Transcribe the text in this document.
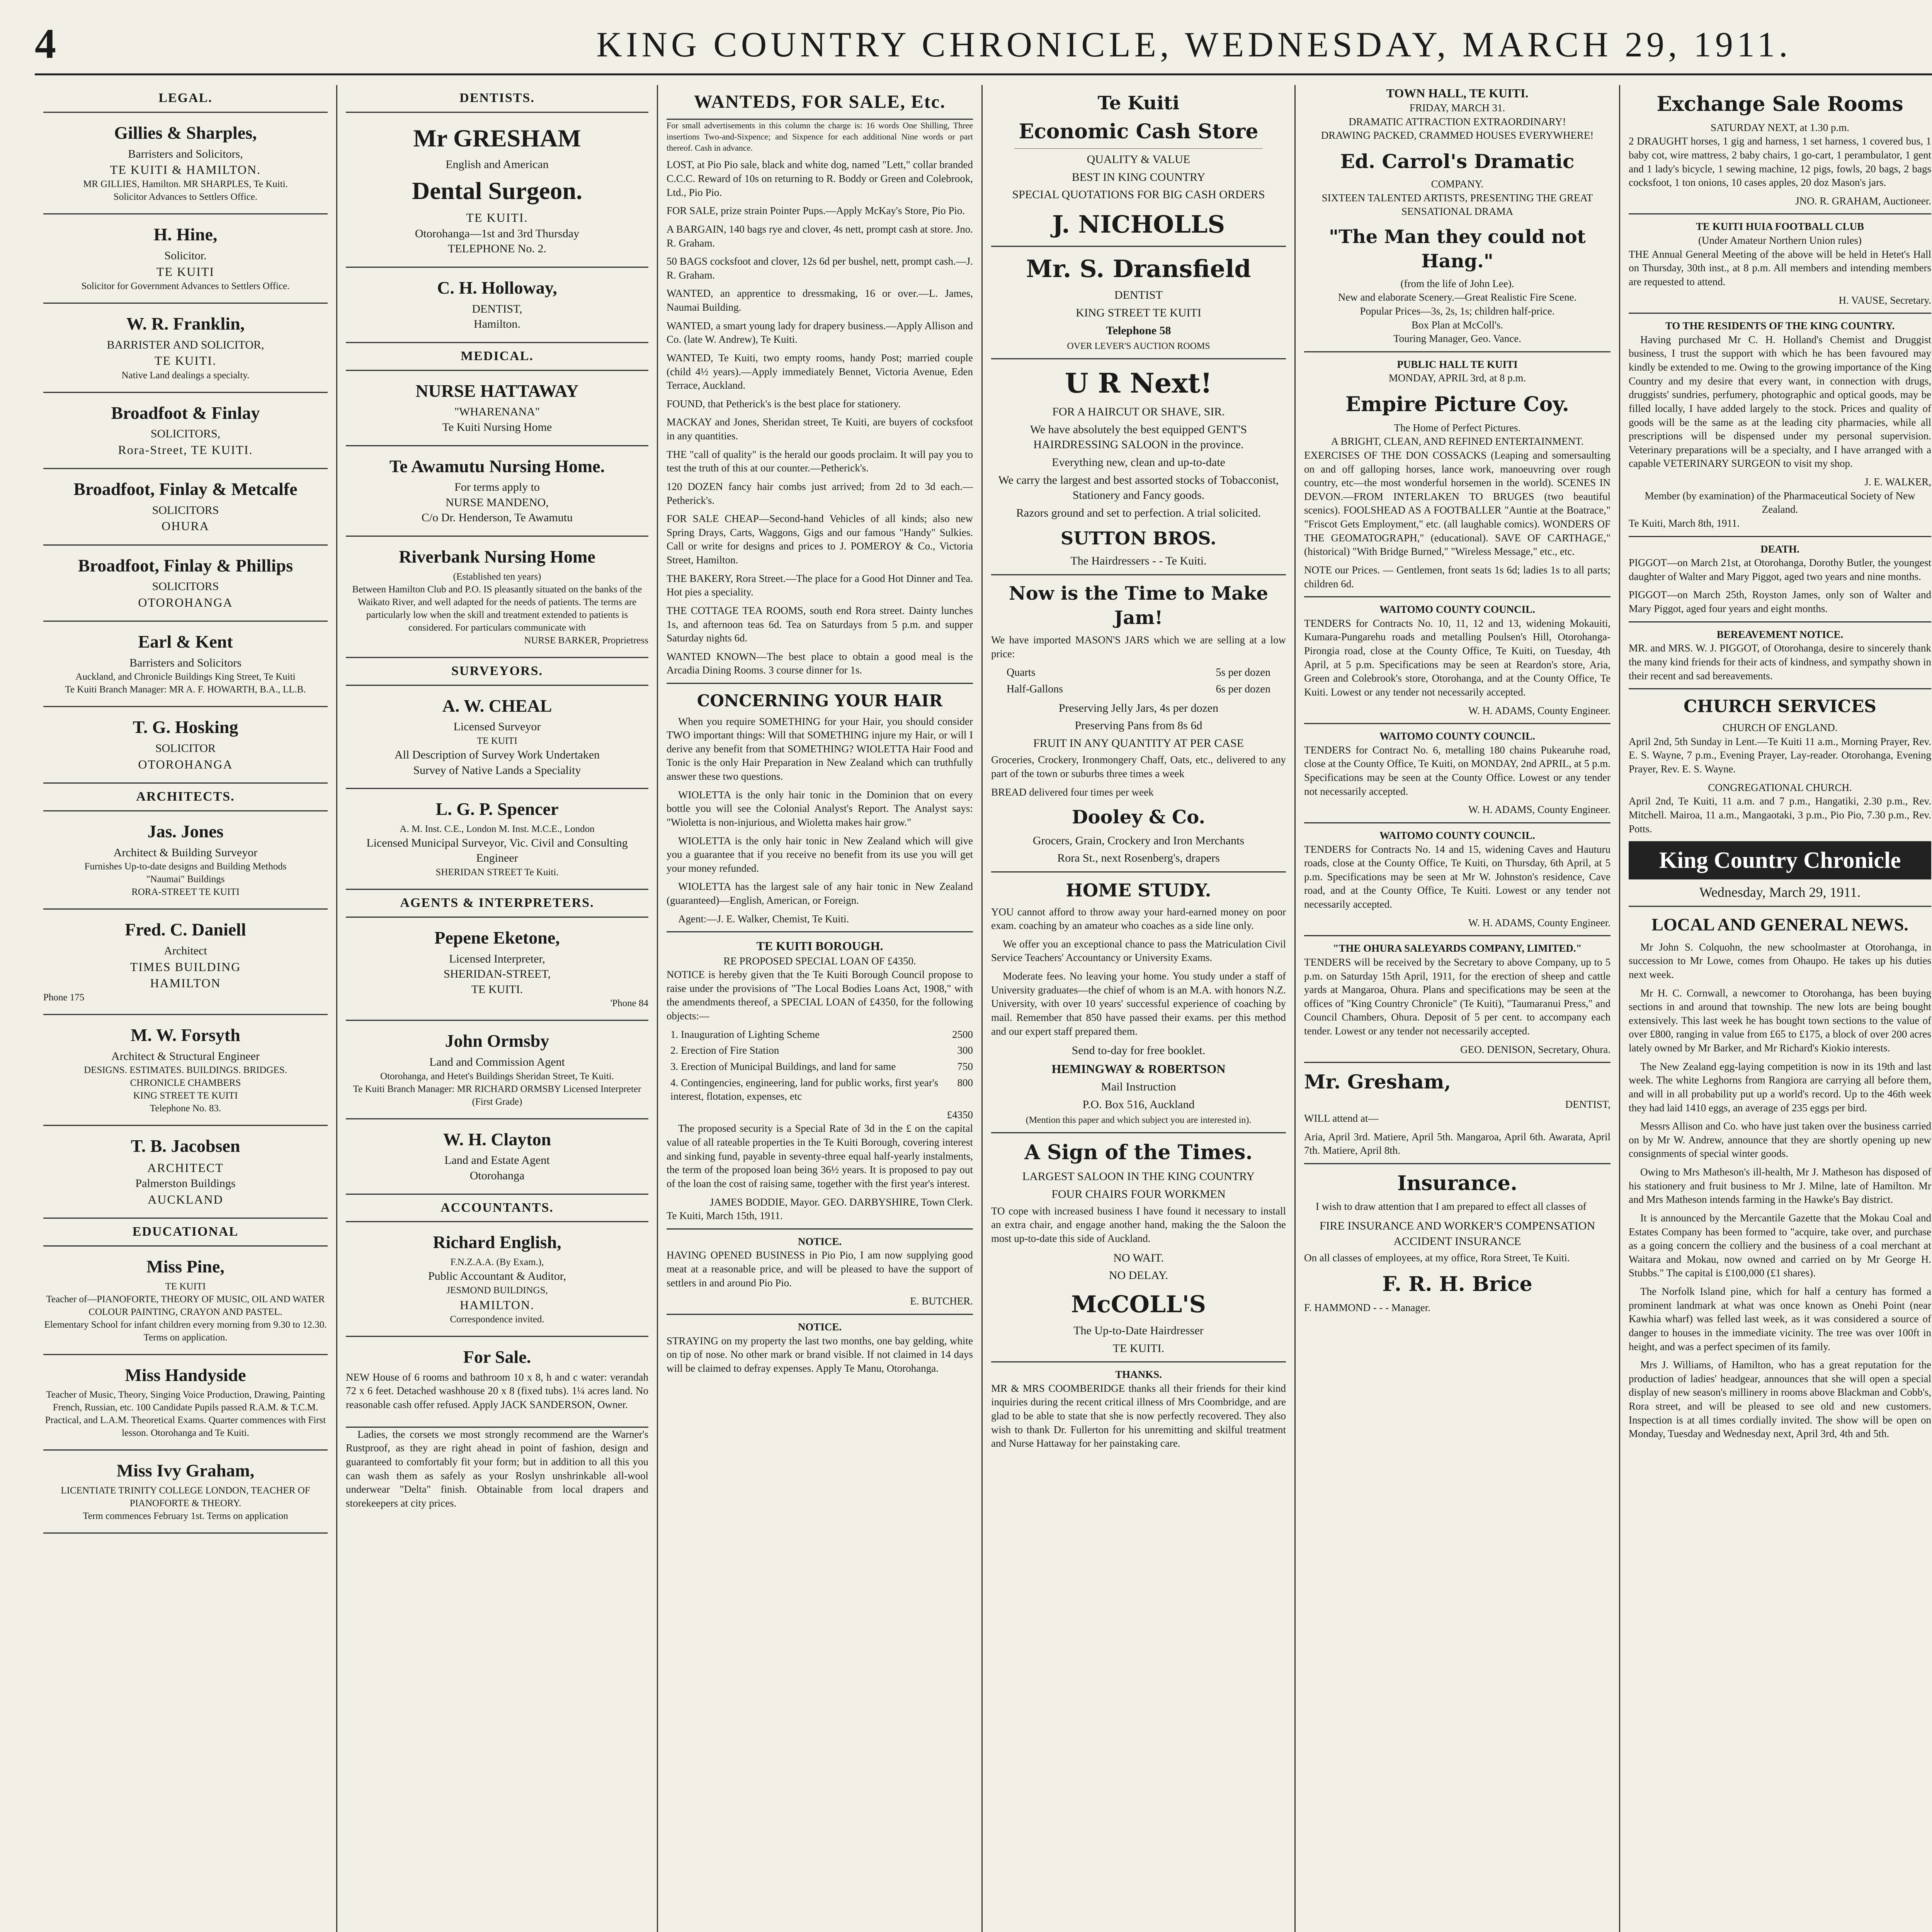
4	KING COUNTRY CHRONICLE, WEDNESDAY, MARCH 29, 1911.
LEGAL.
Gillies & Sharples,
Barristers and Solicitors,
TE KUITI & HAMILTON.
MR GILLIES, Hamilton. MR SHARPLES, Te Kuiti.
Solicitor Advances to Settlers Office.
H. Hine,
Solicitor.
TE KUITI
Solicitor for Government Advances to Settlers Office.
W. R. Franklin,
BARRISTER AND SOLICITOR,
TE KUITI.
Native Land dealings a specialty.
Broadfoot & Finlay
SOLICITORS,
Rora-Street, TE KUITI.
Broadfoot, Finlay & Metcalfe
SOLICITORS
OHURA
Broadfoot, Finlay & Phillips
SOLICITORS
OTOROHANGA
Earl & Kent
Barristers and Solicitors
Auckland, and Chronicle Buildings King Street, Te Kuiti
Te Kuiti Branch Manager: MR A. F. HOWARTH, B.A., LL.B.
T. G. Hosking
SOLICITOR
OTOROHANGA
ARCHITECTS.
Jas. Jones
Architect & Building Surveyor
Furnishes Up-to-date designs and Building Methods
"Naumai" Buildings
RORA-STREET TE KUITI
Fred. C. Daniell
Architect
TIMES BUILDING
HAMILTON
Phone 175
M. W. Forsyth
Architect & Structural Engineer
DESIGNS. ESTIMATES. BUILDINGS. BRIDGES.
CHRONICLE CHAMBERS
KING STREET TE KUITI
Telephone No. 83.
T. B. Jacobsen
ARCHITECT
Palmerston Buildings
AUCKLAND
EDUCATIONAL
Miss Pine,
TE KUITI
Teacher of—PIANOFORTE, THEORY OF MUSIC, OIL AND WATER COLOUR PAINTING, CRAYON AND PASTEL.
Elementary School for infant children every morning from 9.30 to 12.30.
Terms on application.
Miss Handyside
Teacher of Music, Theory, Singing Voice Production, Drawing, Painting French, Russian, etc. 100 Candidate Pupils passed R.A.M. & T.C.M. Practical, and L.A.M. Theoretical Exams. Quarter commences with First lesson. Otorohanga and Te Kuiti.
Miss Ivy Graham,
LICENTIATE TRINITY COLLEGE LONDON, TEACHER OF PIANOFORTE & THEORY.
Term commences February 1st. Terms on application
DENTISTS.
Mr GRESHAM
English and American
Dental Surgeon.
TE KUITI.
Otorohanga—1st and 3rd Thursday
TELEPHONE No. 2.
C. H. Holloway,
DENTIST,
Hamilton.
MEDICAL.
NURSE HATTAWAY
"WHARENANA"
Te Kuiti Nursing Home
Te Awamutu Nursing Home.
For terms apply to
NURSE MANDENO,
C/o Dr. Henderson, Te Awamutu
Riverbank Nursing Home
(Established ten years)
Between Hamilton Club and P.O. IS pleasantly situated on the banks of the Waikato River, and well adapted for the needs of patients. The terms are particularly low when the skill and treatment extended to patients is considered. For particulars communicate with
NURSE BARKER, Proprietress
SURVEYORS.
A. W. CHEAL
Licensed Surveyor
TE KUITI
All Description of Survey Work Undertaken
Survey of Native Lands a Speciality
L. G. P. Spencer
A. M. Inst. C.E., London M. Inst. M.C.E., London
Licensed Municipal Surveyor, Vic. Civil and Consulting Engineer
SHERIDAN STREET Te Kuiti.
AGENTS & INTERPRETERS.
Pepene Eketone,
Licensed Interpreter,
SHERIDAN-STREET,
TE KUITI.
'Phone 84
John Ormsby
Land and Commission Agent
Otorohanga, and Hetet's Buildings Sheridan Street, Te Kuiti.
Te Kuiti Branch Manager: MR RICHARD ORMSBY Licensed Interpreter (First Grade)
W. H. Clayton
Land and Estate Agent
Otorohanga
ACCOUNTANTS.
Richard English,
F.N.Z.A.A. (By Exam.),
Public Accountant & Auditor,
JESMOND BUILDINGS,
HAMILTON.
Correspondence invited.
For Sale.
NEW House of 6 rooms and bathroom 10 x 8, h and c water: verandah 72 x 6 feet. Detached washhouse 20 x 8 (fixed tubs). 1¼ acres land. No reasonable cash offer refused. Apply JACK SANDERSON, Owner.
Ladies, the corsets we most strongly recommend are the Warner's Rustproof, as they are right ahead in point of fashion, design and guaranteed to comfortably fit your form; but in addition to all this you can wash them as safely as your Roslyn unshrinkable all-wool underwear "Delta" finish. Obtainable from local drapers and storekeepers at city prices.
WANTEDS, FOR SALE, Etc.
For small advertisements in this column the charge is: 16 words One Shilling, Three insertions Two-and-Sixpence; and Sixpence for each additional Nine words or part thereof. Cash in advance.
LOST, at Pio Pio sale, black and white dog, named "Lett," collar branded C.C.C. Reward of 10s on returning to R. Boddy or Green and Colebrook, Ltd., Pio Pio.
FOR SALE, prize strain Pointer Pups.—Apply McKay's Store, Pio Pio.
A BARGAIN, 140 bags rye and clover, 4s nett, prompt cash at store. Jno. R. Graham.
50 BAGS cocksfoot and clover, 12s 6d per bushel, nett, prompt cash.—J. R. Graham.
WANTED, an apprentice to dressmaking, 16 or over.—L. James, Naumai Building.
WANTED, a smart young lady for drapery business.—Apply Allison and Co. (late W. Andrew), Te Kuiti.
WANTED, Te Kuiti, two empty rooms, handy Post; married couple (child 4½ years).—Apply immediately Bennet, Victoria Avenue, Eden Terrace, Auckland.
FOUND, that Petherick's is the best place for stationery.
MACKAY and Jones, Sheridan street, Te Kuiti, are buyers of cocksfoot in any quantities.
THE "call of quality" is the herald our goods proclaim. It will pay you to test the truth of this at our counter.—Petherick's.
120 DOZEN fancy hair combs just arrived; from 2d to 3d each.—Petherick's.
FOR SALE CHEAP—Second-hand Vehicles of all kinds; also new Spring Drays, Carts, Waggons, Gigs and our famous "Handy" Sulkies. Call or write for designs and prices to J. POMEROY & Co., Victoria Street, Hamilton.
THE BAKERY, Rora Street.—The place for a Good Hot Dinner and Tea. Hot pies a speciality.
THE COTTAGE TEA ROOMS, south end Rora street. Dainty lunches 1s, and afternoon teas 6d. Tea on Saturdays from 5 p.m. and supper Saturday nights 6d.
WANTED KNOWN—The best place to obtain a good meal is the Arcadia Dining Rooms. 3 course dinner for 1s.
CONCERNING YOUR HAIR
When you require SOMETHING for your Hair, you should consider TWO important things: Will that SOMETHING injure my Hair, or will I derive any benefit from that SOMETHING? WIOLETTA Hair Food and Tonic is the only Hair Preparation in New Zealand which can truthfully answer these two questions.
WIOLETTA is the only hair tonic in the Dominion that on every bottle you will see the Colonial Analyst's Report. The Analyst says: "Wioletta is non-injurious, and Wioletta makes hair grow."
WIOLETTA is the only hair tonic in New Zealand which will give you a guarantee that if you receive no benefit from its use you will get your money refunded.
WIOLETTA has the largest sale of any hair tonic in New Zealand (guaranteed)—English, American, or Foreign.
Agent:—J. E. Walker, Chemist, Te Kuiti.
TE KUITI BOROUGH.
RE PROPOSED SPECIAL LOAN OF £4350.
NOTICE is hereby given that the Te Kuiti Borough Council propose to raise under the provisions of "The Local Bodies Loans Act, 1908," with the amendments thereof, a SPECIAL LOAN of £4350, for the following objects:—
1. Inauguration of Lighting Scheme	2500
2. Erection of Fire Station	300
3. Erection of Municipal Buildings, and land for same	750
4. Contingencies, engineering, land for public works, first year's interest, flotation, expenses, etc
800
£4350
The proposed security is a Special Rate of 3d in the £ on the capital value of all rateable properties in the Te Kuiti Borough, covering interest and sinking fund, payable in seventy-three equal half-yearly instalments, the term of the proposed loan being 36½ years. It is proposed to pay out of the loan the cost of raising same, together with the first year's interest.
JAMES BODDIE, Mayor. GEO. DARBYSHIRE, Town Clerk.
Te Kuiti, March 15th, 1911.
NOTICE.
HAVING OPENED BUSINESS in Pio Pio, I am now supplying good meat at a reasonable price, and will be pleased to have the support of settlers in and around Pio Pio.
E. BUTCHER.
NOTICE.
STRAYING on my property the last two months, one bay gelding, white on tip of nose. No other mark or brand visible. If not claimed in 14 days will be claimed to defray expenses. Apply Te Manu, Otorohanga.
Te Kuiti
Economic Cash Store
QUALITY & VALUE
BEST IN KING COUNTRY
SPECIAL QUOTATIONS FOR BIG CASH ORDERS
J. NICHOLLS
Mr. S. Dransfield
DENTIST
KING STREET TE KUITI
Telephone 58
OVER LEVER'S AUCTION ROOMS
U R Next!
FOR A HAIRCUT OR SHAVE, SIR.
We have absolutely the best equipped GENT'S HAIRDRESSING SALOON in the province.
Everything new, clean and up-to-date
We carry the largest and best assorted stocks of Tobacconist, Stationery and Fancy goods.
Razors ground and set to perfection. A trial solicited.
SUTTON BROS.
The Hairdressers - - Te Kuiti.
Now is the Time to Make Jam!
We have imported MASON'S JARS which we are selling at a low price:
Quarts	5s per dozen
Half-Gallons	6s per dozen
Preserving Jelly Jars, 4s per dozen
Preserving Pans from 8s 6d
FRUIT IN ANY QUANTITY AT PER CASE
Groceries, Crockery, Ironmongery Chaff, Oats, etc., delivered to any part of the town or suburbs three times a week
BREAD delivered four times per week
Dooley & Co.
Grocers, Grain, Crockery and Iron Merchants
Rora St., next Rosenberg's, drapers
HOME STUDY.
YOU cannot afford to throw away your hard-earned money on poor exam. coaching by an amateur who coaches as a side line only.
We offer you an exceptional chance to pass the Matriculation Civil Service Teachers' Accountancy or University Exams.
Moderate fees. No leaving your home. You study under a staff of University graduates—the chief of whom is an M.A. with honors N.Z. University, with over 10 years' successful experience of coaching by mail. Remember that 850 have passed their exams. per this method and our expert staff prepared them.
Send to-day for free booklet.
HEMINGWAY & ROBERTSON
Mail Instruction
P.O. Box 516, Auckland
(Mention this paper and which subject you are interested in).
A Sign of the Times.
LARGEST SALOON IN THE KING COUNTRY
FOUR CHAIRS FOUR WORKMEN
TO cope with increased business I have found it necessary to install an extra chair, and engage another hand, making the the Saloon the most up-to-date this side of Auckland.
NO WAIT.
NO DELAY.
McCOLL'S
The Up-to-Date Hairdresser
TE KUITI.
THANKS.
MR & MRS COOMBERIDGE thanks all their friends for their kind inquiries during the recent critical illness of Mrs Coombridge, and are glad to be able to state that she is now perfectly recovered. They also wish to thank Dr. Fullerton for his unremitting and skilful treatment and Nurse Hattaway for her painstaking care.
TOWN HALL, TE KUITI.
FRIDAY, MARCH 31.
DRAMATIC ATTRACTION EXTRAORDINARY!
DRAWING PACKED, CRAMMED HOUSES EVERYWHERE!
Ed. Carrol's Dramatic
COMPANY.
SIXTEEN TALENTED ARTISTS, PRESENTING THE GREAT SENSATIONAL DRAMA
"The Man they could not Hang."
(from the life of John Lee).
New and elaborate Scenery.—Great Realistic Fire Scene.
Popular Prices—3s, 2s, 1s; children half-price.
Box Plan at McColl's.
Touring Manager, Geo. Vance.
PUBLIC HALL TE KUITI
MONDAY, APRIL 3rd, at 8 p.m.
Empire Picture Coy.
The Home of Perfect Pictures.
A BRIGHT, CLEAN, AND REFINED ENTERTAINMENT.
EXERCISES OF THE DON COSSACKS (Leaping and somersaulting on and off galloping horses, lance work, manoeuvring over rough country, etc—the most wonderful horsemen in the world). SCENES IN DEVON.—FROM INTERLAKEN TO BRUGES (two beautiful scenics). FOOLSHEAD AS A FOOTBALLER "Auntie at the Boatrace," "Friscot Gets Employment," etc. (all laughable comics). WONDERS OF THE GEOMATOGRAPH," (educational). SAVE OF CARTHAGE," (historical) "With Bridge Burned," "Wireless Message," etc., etc.
NOTE our Prices. — Gentlemen, front seats 1s 6d; ladies 1s to all parts; children 6d.
WAITOMO COUNTY COUNCIL.
TENDERS for Contracts No. 10, 11, 12 and 13, widening Mokauiti, Kumara-Pungarehu roads and metalling Poulsen's Hill, Otorohanga-Pirongia road, close at the County Office, Te Kuiti, on Tuesday, 4th April, at 5 p.m. Specifications may be seen at Reardon's store, Aria, Green and Colebrook's store, Otorohanga, and at the County Office, Te Kuiti. Lowest or any tender not necessarily accepted.
W. H. ADAMS, County Engineer.
WAITOMO COUNTY COUNCIL.
TENDERS for Contract No. 6, metalling 180 chains Pukearuhe road, close at the County Office, Te Kuiti, on MONDAY, 2nd APRIL, at 5 p.m. Specifications may be seen at the County Office. Lowest or any tender not necessarily accepted.
W. H. ADAMS, County Engineer.
WAITOMO COUNTY COUNCIL.
TENDERS for Contracts No. 14 and 15, widening Caves and Hauturu roads, close at the County Office, Te Kuiti, on Thursday, 6th April, at 5 p.m. Specifications may be seen at Mr W. Johnston's residence, Cave road, and at the County Office, Te Kuiti. Lowest or any tender not necessarily accepted.
W. H. ADAMS, County Engineer.
"THE OHURA SALEYARDS COMPANY, LIMITED."
TENDERS will be received by the Secretary to above Company, up to 5 p.m. on Saturday 15th April, 1911, for the erection of sheep and cattle yards at Mangaroa, Ohura. Plans and specifications may be seen at the offices of "King Country Chronicle" (Te Kuiti), "Taumaranui Press," and Council Chambers, Ohura. Deposit of 5 per cent. to accompany each tender. Lowest or any tender not necessarily accepted.
GEO. DENISON, Secretary, Ohura.
Mr. Gresham,
DENTIST,
WILL attend at—
Aria, April 3rd. Matiere, April 5th. Mangaroa, April 6th. Awarata, April 7th. Matiere, April 8th.
Insurance.
I wish to draw attention that I am prepared to effect all classes of
FIRE INSURANCE AND WORKER'S COMPENSATION ACCIDENT INSURANCE
On all classes of employees, at my office, Rora Street, Te Kuiti.
F. R. H. Brice
F. HAMMOND - - - Manager.
Exchange Sale Rooms
SATURDAY NEXT, at 1.30 p.m.
2 DRAUGHT horses, 1 gig and harness, 1 set harness, 1 covered bus, 1 baby cot, wire mattress, 2 baby chairs, 1 go-cart, 1 perambulator, 1 gent and 1 lady's bicycle, 1 sewing machine, 12 pigs, fowls, 20 bags, 2 bags cocksfoot, 1 ton onions, 10 cases apples, 20 doz Mason's jars.
JNO. R. GRAHAM, Auctioneer.
TE KUITI HUIA FOOTBALL CLUB
(Under Amateur Northern Union rules)
THE Annual General Meeting of the above will be held in Hetet's Hall on Thursday, 30th inst., at 8 p.m. All members and intending members are requested to attend.
H. VAUSE, Secretary.
TO THE RESIDENTS OF THE KING COUNTRY.
Having purchased Mr C. H. Holland's Chemist and Druggist business, I trust the support with which he has been favoured may kindly be extended to me. Owing to the growing importance of the King Country and my desire that every want, in connection with drugs, druggists' sundries, perfumery, photographic and optical goods, may be filled locally, I have added largely to the stock. Prices and quality of goods will be the same as at the leading city pharmacies, while all prescriptions will be dispensed under my personal supervision. Veterinary preparations will be a specialty, and I have arranged with a capable VETERINARY SURGEON to visit my shop.
J. E. WALKER,
Member (by examination) of the Pharmaceutical Society of New Zealand.
Te Kuiti, March 8th, 1911.
DEATH.
PIGGOT—on March 21st, at Otorohanga, Dorothy Butler, the youngest daughter of Walter and Mary Piggot, aged two years and nine months.
PIGGOT—on March 25th, Royston James, only son of Walter and Mary Piggot, aged four years and eight months.
BEREAVEMENT NOTICE.
MR. and MRS. W. J. PIGGOT, of Otorohanga, desire to sincerely thank the many kind friends for their acts of kindness, and sympathy shown in their recent and sad bereavements.
CHURCH SERVICES
CHURCH OF ENGLAND.
April 2nd, 5th Sunday in Lent.—Te Kuiti 11 a.m., Morning Prayer, Rev. E. S. Wayne, 7 p.m., Evening Prayer, Lay-reader. Otorohanga, Evening Prayer, Rev. E. S. Wayne.
CONGREGATIONAL CHURCH.
April 2nd, Te Kuiti, 11 a.m. and 7 p.m., Hangatiki, 2.30 p.m., Rev. Mitchell. Mairoa, 11 a.m., Mangaotaki, 3 p.m., Pio Pio, 7.30 p.m., Rev. Potts.
King Country Chronicle
Wednesday, March 29, 1911.
LOCAL AND GENERAL NEWS.
Mr John S. Colquohn, the new schoolmaster at Otorohanga, in succession to Mr Lowe, comes from Ohaupo. He takes up his duties next week.
Mr H. C. Cornwall, a newcomer to Otorohanga, has been buying sections in and around that township. The new lots are being bought extensively. This last week he has bought town sections to the value of over £800, ranging in value from £65 to £175, a block of over 200 acres lately owned by Mr Barker, and Mr Richard's Kiokio interests.
The New Zealand egg-laying competition is now in its 19th and last week. The white Leghorns from Rangiora are carrying all before them, and will in all probability put up a world's record. Up to the 46th week they had laid 1410 eggs, an average of 235 eggs per bird.
Messrs Allison and Co. who have just taken over the business carried on by Mr W. Andrew, announce that they are shortly opening up new consignments of special winter goods.
Owing to Mrs Matheson's ill-health, Mr J. Matheson has disposed of his stationery and fruit business to Mr J. Milne, late of Hamilton. Mr and Mrs Matheson intends farming in the Hawke's Bay district.
It is announced by the Mercantile Gazette that the Mokau Coal and Estates Company has been formed to "acquire, take over, and purchase as a going concern the colliery and the business of a coal merchant at Waitara and Mokau, now owned and carried on by Mr George H. Stubbs." The capital is £100,000 (£1 shares).
The Norfolk Island pine, which for half a century has formed a prominent landmark at what was once known as Onehi Point (near Kawhia wharf) was felled last week, as it was considered a source of danger to houses in the immediate vicinity. The tree was over 100ft in height, and was a perfect specimen of its family.
Mrs J. Williams, of Hamilton, who has a great reputation for the production of ladies' headgear, announces that she will open a special display of new season's millinery in rooms above Blackman and Cobb's, Rora street, and will be pleased to see old and new customers. Inspection is at all times cordially invited. The show will be open on Monday, Tuesday and Wednesday next, April 3rd, 4th and 5th.
